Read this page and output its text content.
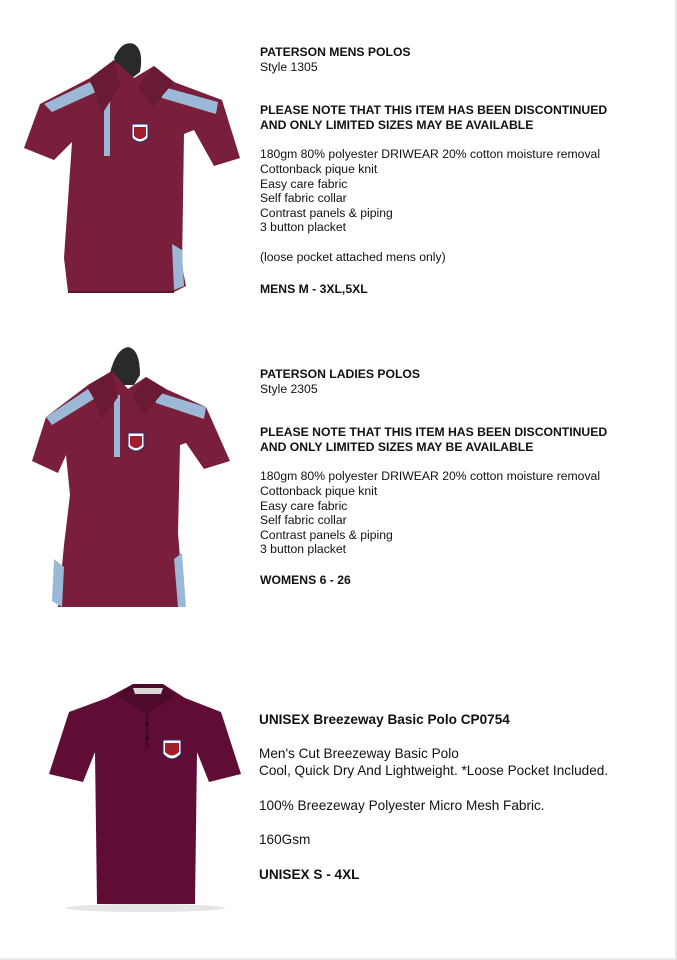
PATERSON MENS POLOS
Style 1305
PLEASE NOTE THAT THIS ITEM HAS BEEN DISCONTINUED
AND ONLY LIMITED SIZES MAY BE AVAILABLE
180gm 80% polyester DRIWEAR 20% cotton moisture removal
Cottonback pique knit
Easy care fabric
Self fabric collar
Contrast panels & piping
3 button placket
(loose pocket attached mens only)
MENS M - 3XL,5XL
PATERSON LADIES POLOS
Style 2305
PLEASE NOTE THAT THIS ITEM HAS BEEN DISCONTINUED
AND ONLY LIMITED SIZES MAY BE AVAILABLE
180gm 80% polyester DRIWEAR 20% cotton moisture removal
Cottonback pique knit
Easy care fabric
Self fabric collar
Contrast panels & piping
3 button placket
WOMENS 6 - 26
UNISEX Breezeway Basic Polo CP0754
Men's Cut Breezeway Basic Polo
Cool, Quick Dry And Lightweight. *Loose Pocket Included.
100% Breezeway Polyester Micro Mesh Fabric.
160Gsm
UNISEX S - 4XL
